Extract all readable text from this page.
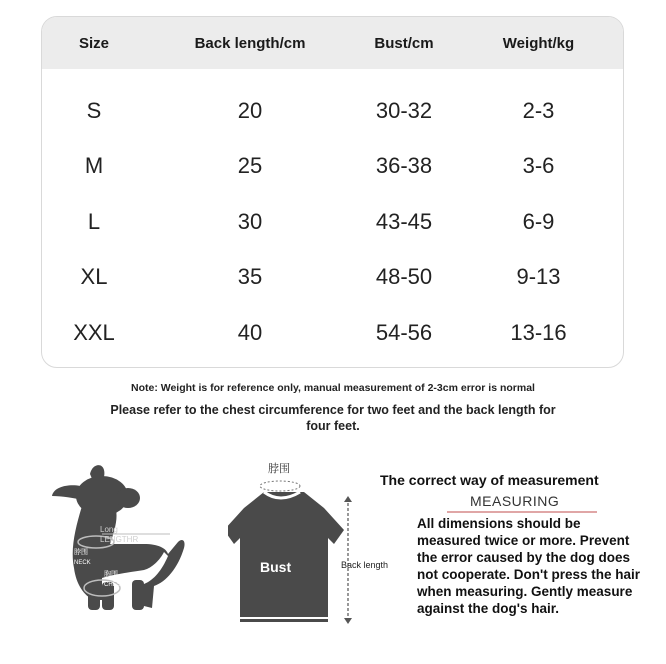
Size	Back length/cm	Bust/cm	Weight/kg
S	20	30-32	2-3
M	25	36-38	3-6
L	30	43-45	6-9
XL	35	48-50	9-13
XXL	40	54-56	13-16
Note: Weight is for reference only, manual measurement of 2-3cm error is normal
Please refer to the chest circumference for two feet and the back length for four feet.
Long
LENGTHR
脖围
NECK
胸围
CHEST
脖围
Bust	Back length
The correct way of measurement
MEASURING
All dimensions should be measured twice or more. Prevent the error caused by the dog does not cooperate. Don't press the hair when measuring. Gently measure against the dog's hair.
